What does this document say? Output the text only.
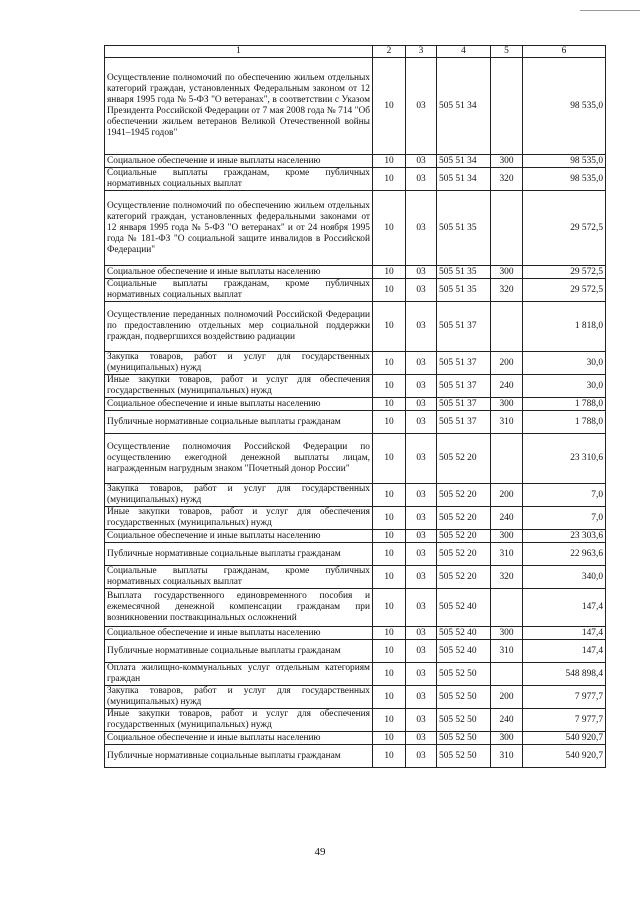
1	2	3	4	5	6
Осуществление полномочий по обеспечению жильем отдельных категорий граждан, установленных Федеральным законом от 12 января 1995 года № 5-ФЗ "О ветеранах", в соответствии с Указом Президента Российской Федерации от 7 мая 2008 года № 714 "Об обеспечении жильем ветеранов Великой Отечественной войны 1941–1945 годов"	10	03	505 51 34		98 535,0
Социальное обеспечение и иные выплаты населению	10	03	505 51 34	300	98 535,0
Социальные выплаты гражданам, кроме публичных нормативных социальных выплат	10	03	505 51 34	320	98 535,0
Осуществление полномочий по обеспечению жильем отдельных категорий граждан, установленных федеральными законами от 12 января 1995 года № 5-ФЗ "О ветеранах" и от 24 ноября 1995 года № 181-ФЗ "О социальной защите инвалидов в Российской Федерации"	10	03	505 51 35		29 572,5
Социальное обеспечение и иные выплаты населению	10	03	505 51 35	300	29 572,5
Социальные выплаты гражданам, кроме публичных нормативных социальных выплат	10	03	505 51 35	320	29 572,5
Осуществление переданных полномочий Российской Федерации по предоставлению отдельных мер социальной поддержки граждан, подвергшихся воздействию радиации	10	03	505 51 37		1 818,0
Закупка товаров, работ и услуг для государственных (муниципальных) нужд	10	03	505 51 37	200	30,0
Иные закупки товаров, работ и услуг для обеспечения государственных (муниципальных) нужд	10	03	505 51 37	240	30,0
Социальное обеспечение и иные выплаты населению	10	03	505 51 37	300	1 788,0
Публичные нормативные социальные выплаты гражданам	10	03	505 51 37	310	1 788,0
Осуществление полномочия Российской Федерации по осуществлению ежегодной денежной выплаты лицам, награжденным нагрудным знаком "Почетный донор России"	10	03	505 52 20		23 310,6
Закупка товаров, работ и услуг для государственных (муниципальных) нужд	10	03	505 52 20	200	7,0
Иные закупки товаров, работ и услуг для обеспечения государственных (муниципальных) нужд	10	03	505 52 20	240	7,0
Социальное обеспечение и иные выплаты населению	10	03	505 52 20	300	23 303,6
Публичные нормативные социальные выплаты гражданам	10	03	505 52 20	310	22 963,6
Социальные выплаты гражданам, кроме публичных нормативных социальных выплат	10	03	505 52 20	320	340,0
Выплата государственного единовременного пособия и ежемесячной денежной компенсации гражданам при возникновении поствакцинальных осложнений	10	03	505 52 40		147,4
Социальное обеспечение и иные выплаты населению	10	03	505 52 40	300	147,4
Публичные нормативные социальные выплаты гражданам	10	03	505 52 40	310	147,4
Оплата жилищно-коммунальных услуг отдельным категориям граждан	10	03	505 52 50		548 898,4
Закупка товаров, работ и услуг для государственных (муниципальных) нужд	10	03	505 52 50	200	7 977,7
Иные закупки товаров, работ и услуг для обеспечения государственных (муниципальных) нужд	10	03	505 52 50	240	7 977,7
Социальное обеспечение и иные выплаты населению	10	03	505 52 50	300	540 920,7
Публичные нормативные социальные выплаты гражданам	10	03	505 52 50	310	540 920,7
49
